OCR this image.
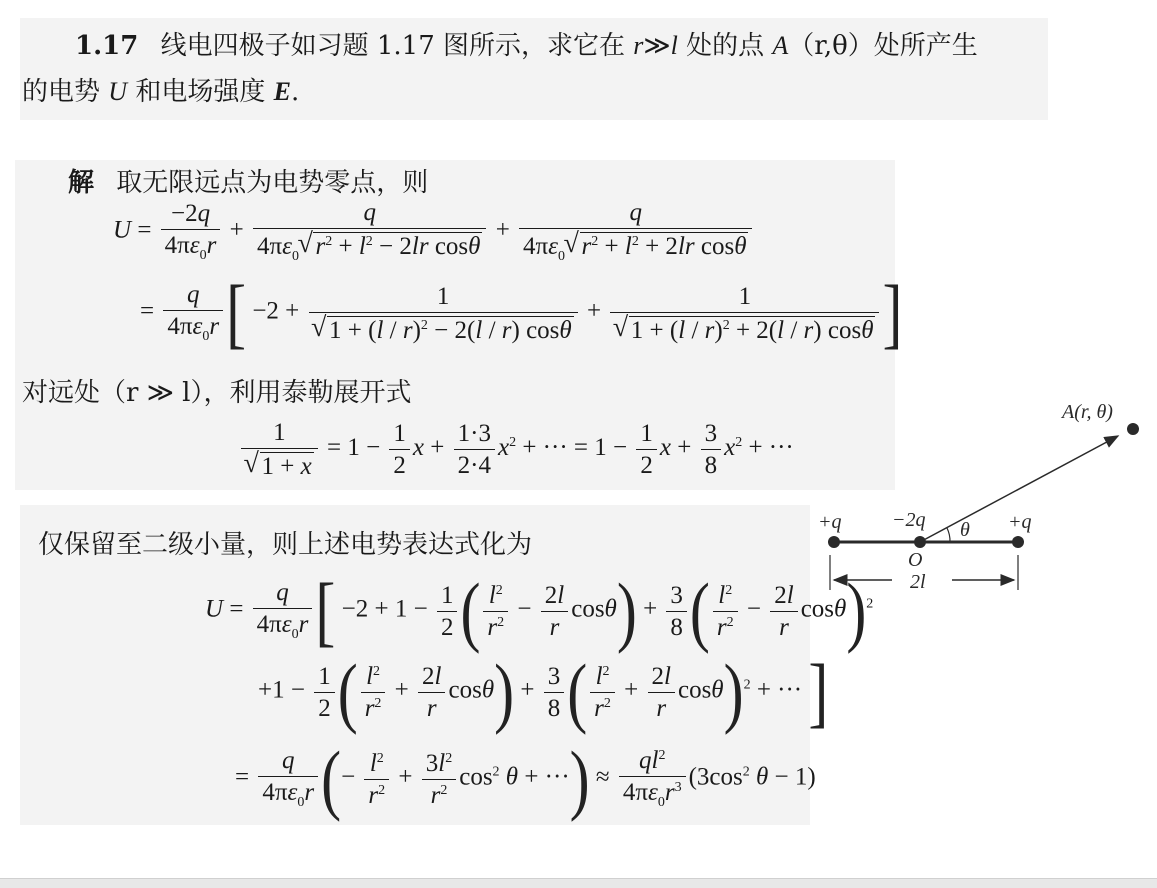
1.17 线电四极子如习题 1.17 图所示，求它在 r≫l 处的点 A（r,θ）处所产生
的电势 U 和电场强度 E.
解 取无限远点为电势零点，则
$U = \frac{-2q}{4\pi\varepsilon_0r} + \frac{q}{4\pi\varepsilon_0 √ r^2 + l^2 - 2lr \cos\theta} + \frac{q}{4\pi\varepsilon_0 √ r^2 + l^2 + 2lr \cos\theta}$
= $\frac{q}{4\pi\varepsilon_0r}$ [ −2 + 1
√ 1 + (l / r)$^2$ − 2(l / r) cosθ + 1
√ 1 + (l / r)$^2$ + 2(l / r) cosθ ]
对远处（r ≫ l），利用泰勒展开式
1
√ $1 + x = 1 - \frac{1}{2}$ $x + \frac{1\cdot 3}{2\cdot 4} x^2$ + ··· = $1 - \frac{1}{2}$ $x + \frac{3}{8} x^2$ + ···
仅保留至二级小量，则上述电势表达式化为
$U = \frac{q}{4\pi\varepsilon_0r}$ [ $-2 + 1 - \frac{1}{2}$ ( $\frac{l^2}{r^2} - \frac{2l}{r} \cos\theta) + \frac{3}{8}$ ( $\frac{l^2}{r^2} - \frac{2l}{r} \cos\theta)^2$
$+1 - \frac{1}{2}$ ( $\frac{l^2}{r^2} + \frac{2l}{r} \cos\theta) + \frac{3}{8}$ ( $\frac{l^2}{r^2} + \frac{2l}{r} \cos\theta)^2$ + ··· ]
= $\frac{q}{4\pi\varepsilon_0r}$ (− $\frac{l^2}{r^2} + \frac{3l^2}{r^2} \cos^2 \theta$ + ···) ≈ $\frac{ql^2}{4\pi\varepsilon_0r^3} (3\cos^2$ θ − 1)
+q	−2q	+q
O
θ
2l
A(r, θ)
